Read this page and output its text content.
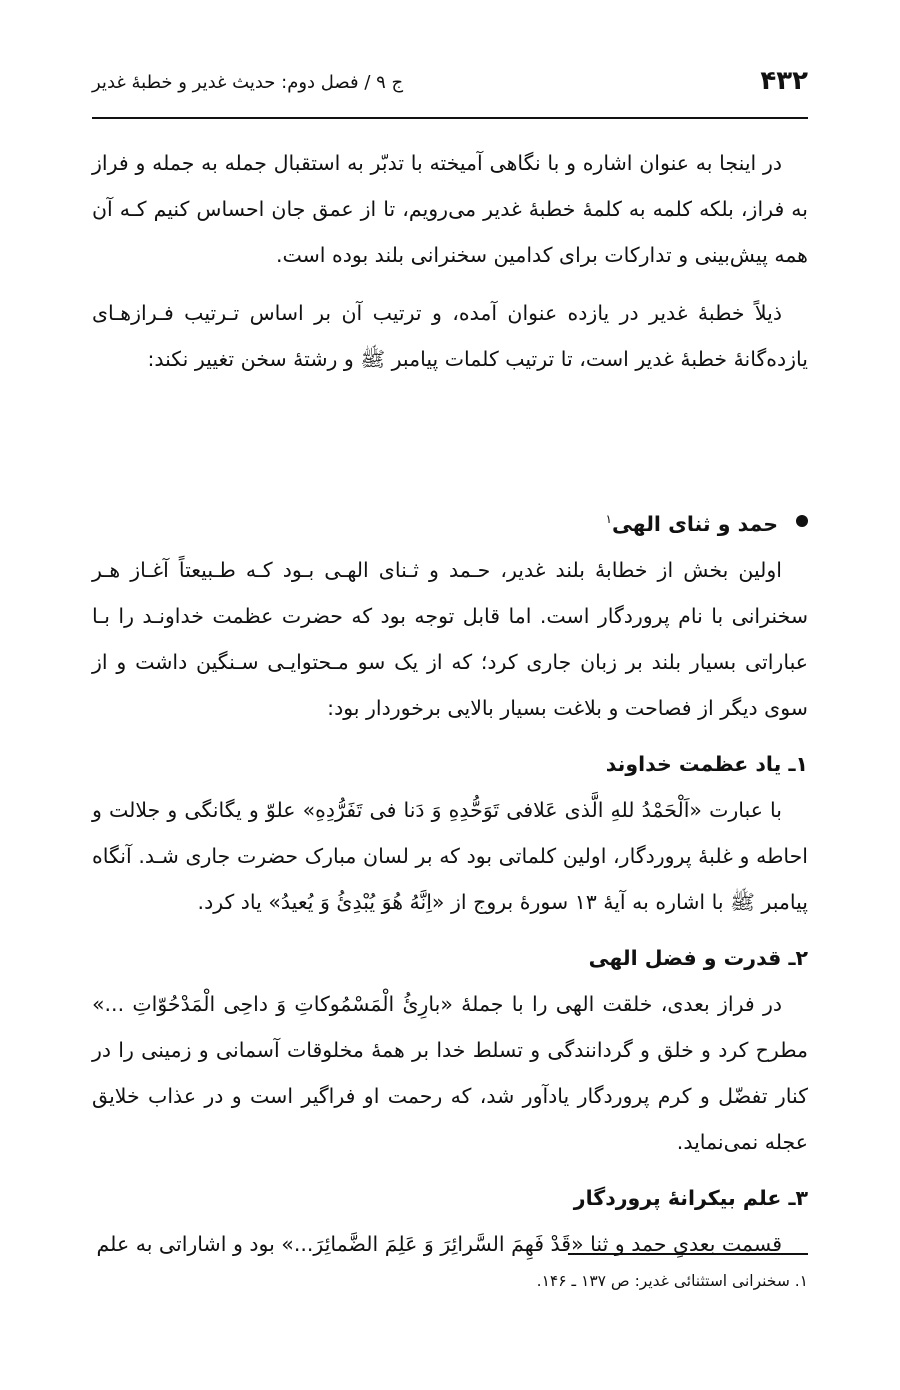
۴۳۲
ج ۹ / فصل دوم: حدیث غدیر و خطبهٔ غدیر

در اینجا به عنوان اشاره و با نگاهی آمیخته با تدبّر به استقبال جمله به جمله و فراز به فراز، بلکه کلمه به کلمهٔ خطبهٔ غدیر می‌رویم، تا از عمق جان احساس کنیم کـه آن همه پیش‌بینی و تدارکات برای کدامین سخنرانی بلند بوده است.

ذیلاً خطبهٔ غدیر در یازده عنوان آمده، و ترتیب آن بر اساس تـرتیب فـرازهـای یازده‌گانهٔ خطبهٔ غدیر است، تا ترتیب کلمات پیامبر ﷺ و رشتهٔ سخن تغییر نکند:

حمد و ثنای الهی$^۱$

اولین بخش از خطابهٔ بلند غدیر، حـمد و ثـنای الهـی بـود کـه طـبیعتاً آغـاز هـر سخنرانی با نام پروردگار است. اما قابل توجه بود که حضرت عظمت خداونـد را بـا عباراتی بسیار بلند بر زبان جاری کرد؛ که از یک سو مـحتوایـی سـنگین داشت و از سوی دیگر از فصاحت و بلاغت بسیار بالایی برخوردار بود:

۱ـ یاد عظمت خداوند

با عبارت «اَلْحَمْدُ للهِ الَّذی عَلافی تَوَحُّدِهِ وَ دَنا فی تَفَرُّدِهِ» علوّ و یگانگی و جلالت و احاطه و غلبهٔ پروردگار، اولین کلماتی بود که بر لسان مبارک حضرت جاری شـد. آنگاه پیامبر ﷺ با اشاره به آیهٔ ۱۳ سورهٔ بروج از «اِنَّهُ هُوَ یُبْدِئُ وَ یُعیدُ» یاد کرد.

۲ـ قدرت و فضل الهی

در فراز بعدی، خلقت الهی را با جملهٔ «بارِئُ الْمَسْمُوکاتِ وَ داحِی الْمَدْحُوّاتِ ...» مطرح کرد و خلق و گردانندگی و تسلط خدا بر همهٔ مخلوقات آسمانی و زمینی را در کنار تفضّل و کرم پروردگار یادآور شد، که رحمت او فراگیر است و در عذاب خلایق عجله نمی‌نماید.

۳ـ علم بیکرانهٔ پروردگار

قسمت بعدیِ حمد و ثنا «قَدْ فَهِمَ السَّرائِرَ وَ عَلِمَ الضَّمائِرَ...» بود و اشاراتی به علم

۱. سخنرانی استثنائی غدیر: ص ۱۳۷ ـ ۱۴۶.
